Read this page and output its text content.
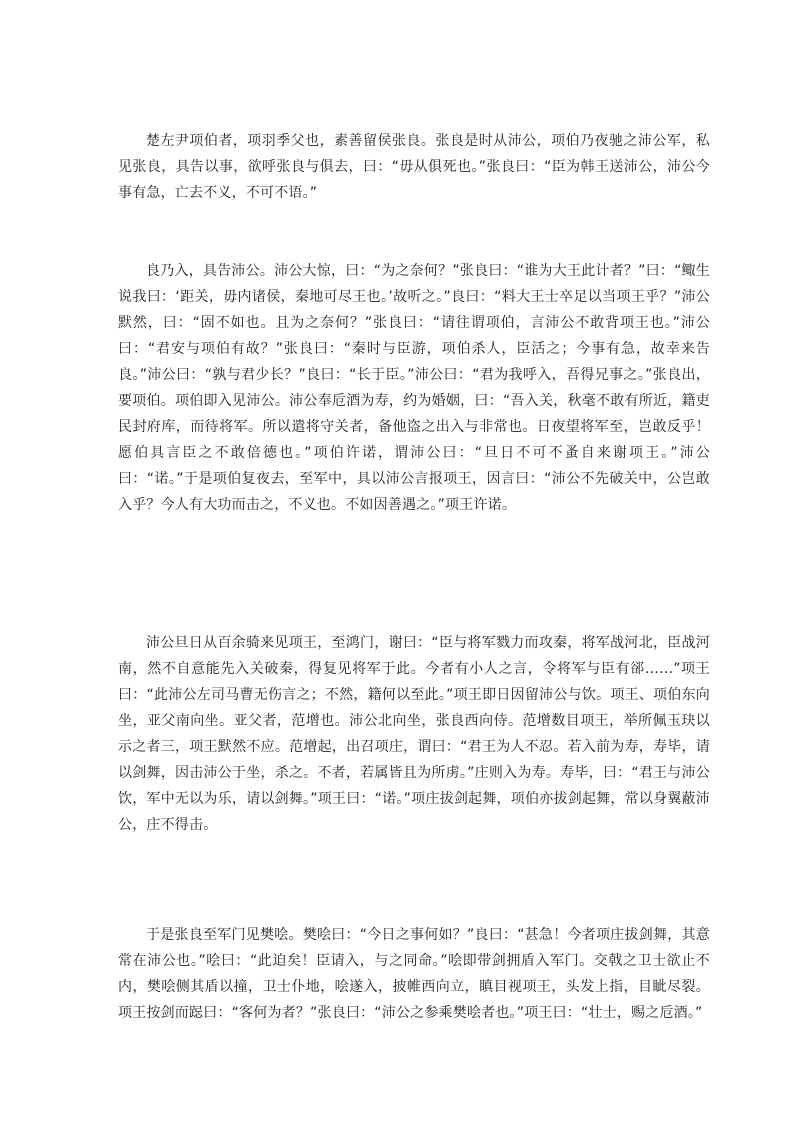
楚左尹项伯者，项羽季父也，素善留侯张良。张良是时从沛公，项伯乃夜驰之沛公军，私见张良，具告以事，欲呼张良与俱去，曰：“毋从俱死也。”张良曰：“臣为韩王送沛公，沛公今事有急，亡去不义，不可不语。”

良乃入，具告沛公。沛公大惊，曰：“为之奈何？”张良曰：“谁为大王此计者？”曰：“鲰生说我曰：‘距关，毋内诸侯，秦地可尽王也。’故听之。”良曰：“料大王士卒足以当项王乎？”沛公默然，曰：“固不如也。且为之奈何？”张良曰：“请往谓项伯，言沛公不敢背项王也。”沛公曰：“君安与项伯有故？”张良曰：“秦时与臣游，项伯杀人，臣活之；今事有急，故幸来告良。”沛公曰：“孰与君少长？”良曰：“长于臣。”沛公曰：“君为我呼入，吾得兄事之。”张良出，要项伯。项伯即入见沛公。沛公奉卮酒为寿，约为婚姻，曰：“吾入关，秋毫不敢有所近，籍吏民封府库，而待将军。所以遣将守关者，备他盗之出入与非常也。日夜望将军至，岂敢反乎！愿伯具言臣之不敢倍德也。”项伯许诺，谓沛公曰：“旦日不可不蚤自来谢项王。”沛公曰：“诺。”于是项伯复夜去，至军中，具以沛公言报项王，因言曰：“沛公不先破关中，公岂敢入乎？今人有大功而击之，不义也。不如因善遇之。”项王许诺。

沛公旦日从百余骑来见项王，至鸿门，谢曰：“臣与将军戮力而攻秦，将军战河北，臣战河南，然不自意能先入关破秦，得复见将军于此。今者有小人之言，令将军与臣有郤……”项王曰：“此沛公左司马曹无伤言之；不然，籍何以至此。”项王即日因留沛公与饮。项王、项伯东向坐，亚父南向坐。亚父者，范增也。沛公北向坐，张良西向侍。范增数目项王，举所佩玉玦以示之者三，项王默然不应。范增起，出召项庄，谓曰：“君王为人不忍。若入前为寿，寿毕，请以剑舞，因击沛公于坐，杀之。不者，若属皆且为所虏。”庄则入为寿。寿毕，曰：“君王与沛公饮，军中无以为乐，请以剑舞。”项王曰：“诺。”项庄拔剑起舞，项伯亦拔剑起舞，常以身翼蔽沛公，庄不得击。

于是张良至军门见樊哙。樊哙曰：“今日之事何如？”良曰：“甚急！今者项庄拔剑舞，其意常在沛公也。”哙曰：“此迫矣！臣请入，与之同命。”哙即带剑拥盾入军门。交戟之卫士欲止不内，樊哙侧其盾以撞，卫士仆地，哙遂入，披帷西向立，瞋目视项王，头发上指，目眦尽裂。项王按剑而跽曰：“客何为者？”张良曰：“沛公之参乘樊哙者也。”项王曰：“壮士，赐之卮酒。”
